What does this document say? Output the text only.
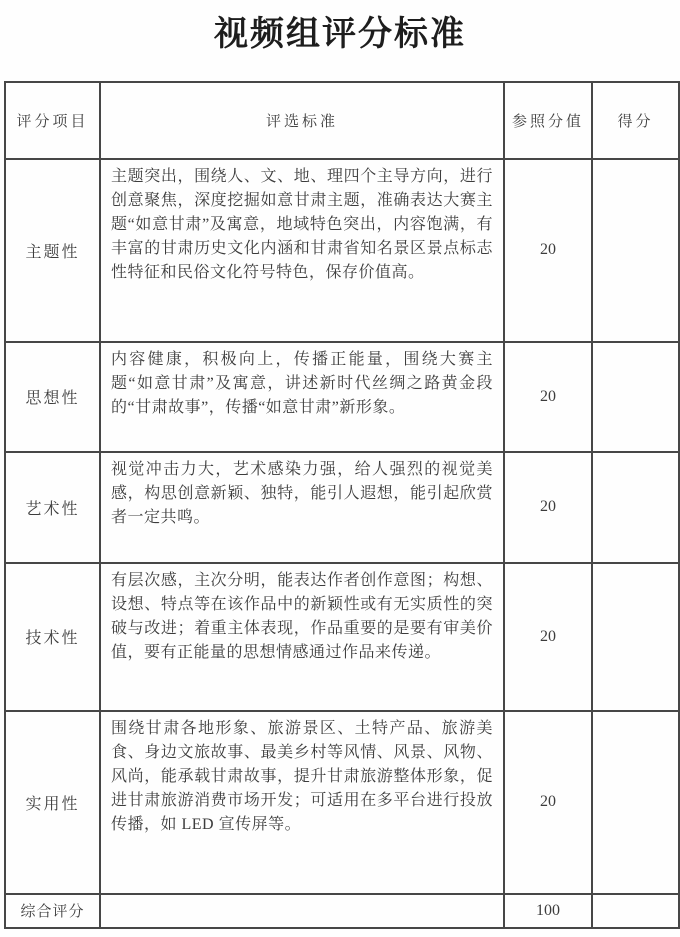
视频组评分标准
评分项目	评选标准	参照分值	得分
主题性	主题突出，围绕人、文、地、理四个主导方向，进行创意聚焦，深度挖掘如意甘肃主题，准确表达大赛主题“如意甘肃”及寓意，地域特色突出，内容饱满，有丰富的甘肃历史文化内涵和甘肃省知名景区景点标志性特征和民俗文化符号特色，保存价值高。	20	
思想性	内容健康，积极向上，传播正能量，围绕大赛主题“如意甘肃”及寓意，讲述新时代丝绸之路黄金段的“甘肃故事”，传播“如意甘肃”新形象。	20	
艺术性	视觉冲击力大，艺术感染力强，给人强烈的视觉美感，构思创意新颖、独特，能引人遐想，能引起欣赏者一定共鸣。	20	
技术性	有层次感，主次分明，能表达作者创作意图；构想、设想、特点等在该作品中的新颖性或有无实质性的突破与改进；着重主体表现，作品重要的是要有审美价值，要有正能量的思想情感通过作品来传递。	20	
实用性	围绕甘肃各地形象、旅游景区、土特产品、旅游美食、身边文旅故事、最美乡村等风情、风景、风物、风尚，能承载甘肃故事，提升甘肃旅游整体形象，促进甘肃旅游消费市场开发；可适用在多平台进行投放传播，如 LED 宣传屏等。	20	
综合评分		100	
